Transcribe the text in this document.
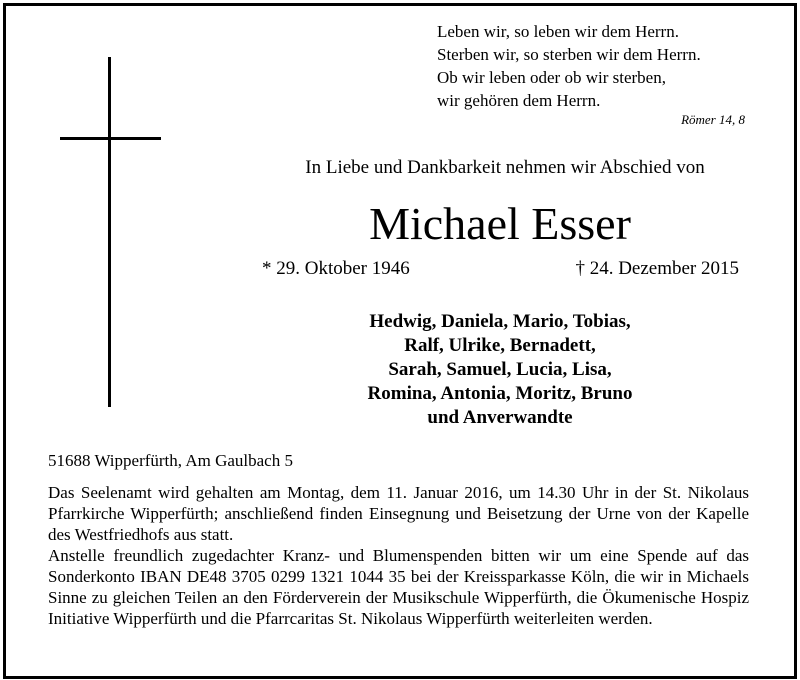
Leben wir, so leben wir dem Herrn.
Sterben wir, so sterben wir dem Herrn.
Ob wir leben oder ob wir sterben,
wir gehören dem Herrn.
Römer 14, 8
In Liebe und Dankbarkeit nehmen wir Abschied von
Michael Esser
* 29. Oktober 1946	† 24. Dezember 2015
Hedwig, Daniela, Mario, Tobias,
Ralf, Ulrike, Bernadett,
Sarah, Samuel, Lucia, Lisa,
Romina, Antonia, Moritz, Bruno
und Anverwandte
51688 Wipperfürth, Am Gaulbach 5

Das Seelenamt wird gehalten am Montag, dem 11. Januar 2016, um 14.30 Uhr in der St. Nikolaus Pfarrkirche Wipperfürth; anschließend finden Einsegnung und Beisetzung der Urne von der Kapelle des Westfriedhofs aus statt.

Anstelle freundlich zugedachter Kranz- und Blumenspenden bitten wir um eine Spende auf das Sonderkonto IBAN DE48 3705 0299 1321 1044 35 bei der Kreissparkasse Köln, die wir in Michaels Sinne zu gleichen Teilen an den Förderverein der Musikschule Wipperfürth, die Ökumenische Hospiz Initiative Wipperfürth und die Pfarrcaritas St. Nikolaus Wipperfürth weiterleiten werden.
